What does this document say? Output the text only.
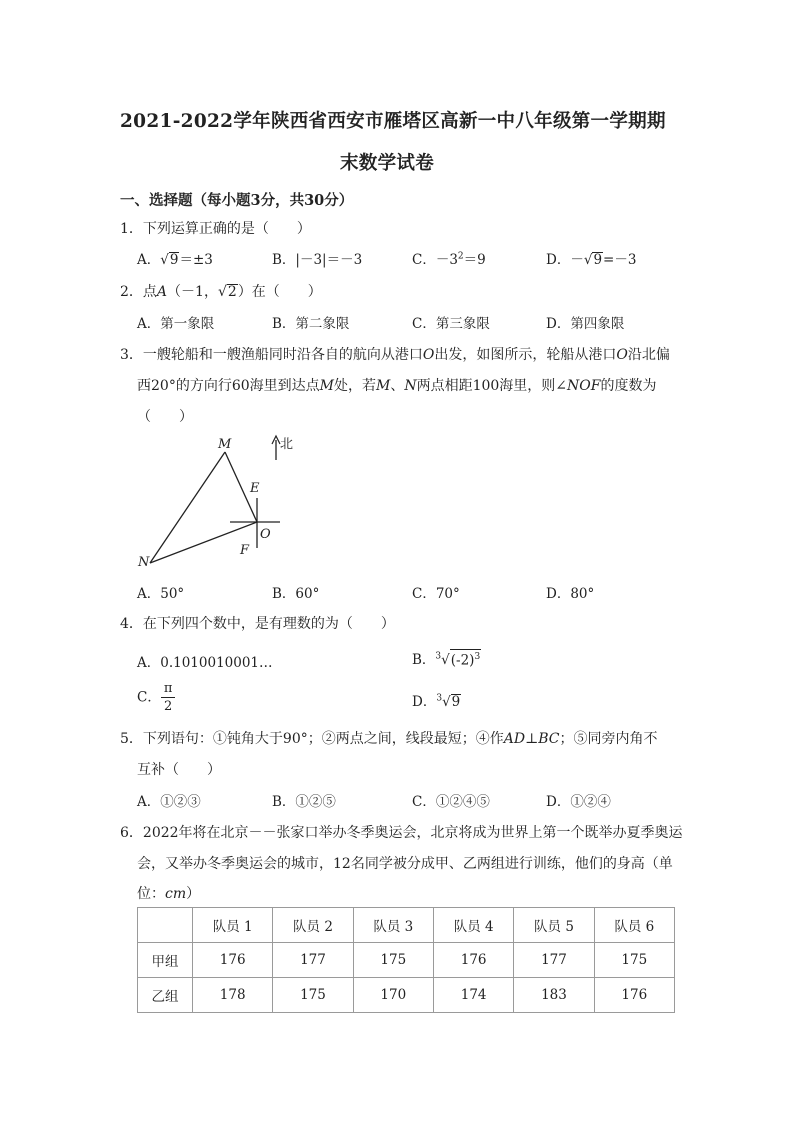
2021-2022学年陕西省西安市雁塔区高新一中八年级第一学期期
末数学试卷
一、选择题（每小题3分，共30分）
1．下列运算正确的是（　　）
A．√9＝±3	B．|－3|＝－3	C．$-3^2=9$	D．－√9=－3
2．点A（－1，√2）在（　　）
A．第一象限	B．第二象限	C．第三象限	D．第四象限
3．一艘轮船和一艘渔船同时沿各自的航向从港口O出发，如图所示，轮船从港口O沿北偏
西20°的方向行60海里到达点M处，若M、N两点相距100海里，则∠NOF的度数为
（　　）
M
N
E
O
F
北
A．50°	B．60°	C．70°	D．80°
4．在下列四个数中，是有理数的为（　　）
A．0.1010010001…	B．$^3√(-2)^3$
C． $\frac{\pi}{2}$	D．$^3$√9
5．下列语句：①钝角大于90°；②两点之间，线段最短；④作AD⊥BC；⑤同旁内角不
互补（　　）
A．①②③	B．①②⑤	C．①②④⑤	D．①②④
6．2022年将在北京－－张家口举办冬季奥运会，北京将成为世界上第一个既举办夏季奥运
会，又举办冬季奥运会的城市，12名同学被分成甲、乙两组进行训练，他们的身高（单
位：cm）
	队员 1	队员 2	队员 3	队员 4	队员 5	队员 6
甲组	176	177	175	176	177	175
乙组	178	175	170	174	183	176
